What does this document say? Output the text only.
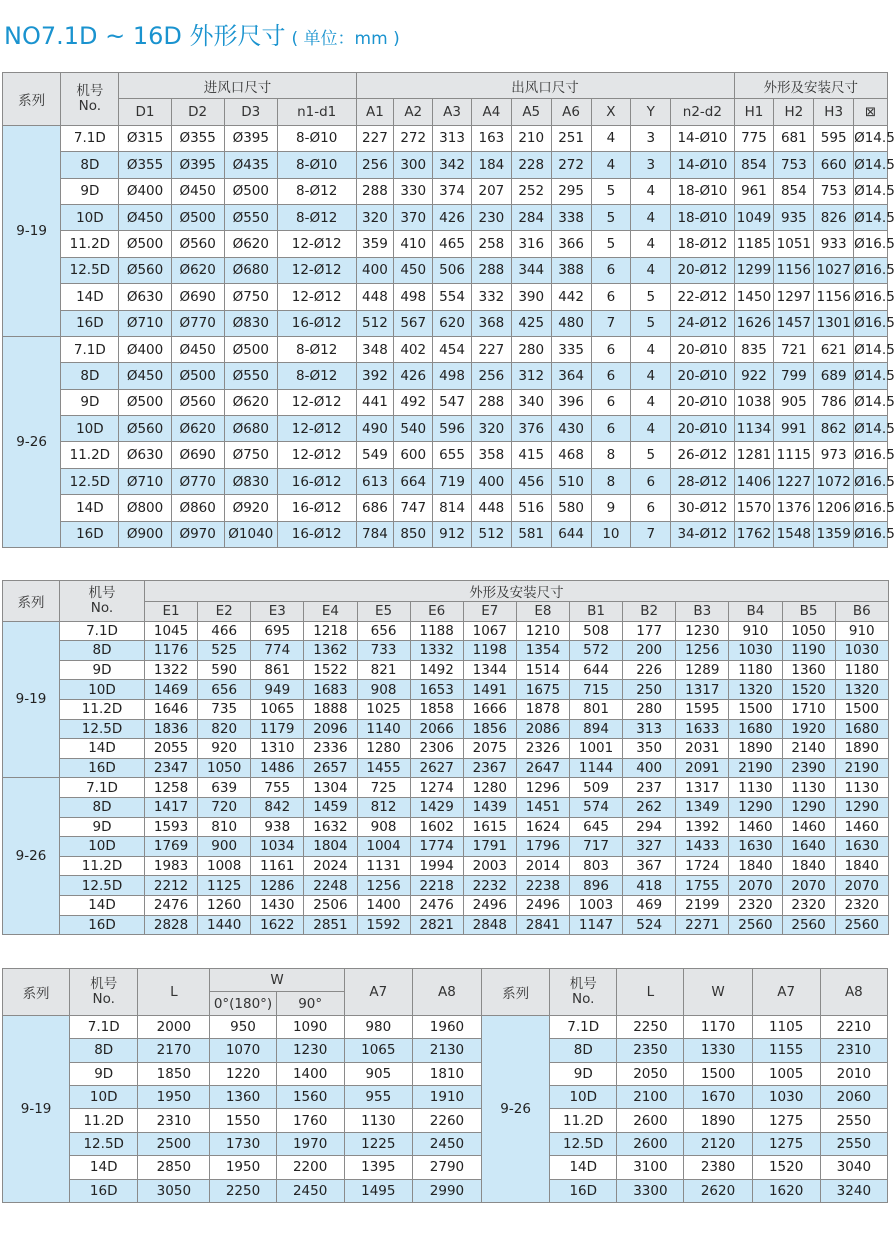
NO7.1D ~ 16D 外形尺寸 ( 单位：mm )
系列	机号
No.	进风口尺寸				出风口尺寸									外形及安装尺寸			
		D1	D2	D3	n1-d1	A1	A2	A3	A4	A5	A6	X	Y	n2-d2	H1	H2	H3	⊠
9-19	7.1D	Ø315	Ø355	Ø395	8-Ø10	227	272	313	163	210	251	4	3	14-Ø10	775	681	595	Ø14.5
	8D	Ø355	Ø395	Ø435	8-Ø10	256	300	342	184	228	272	4	3	14-Ø10	854	753	660	Ø14.5
	9D	Ø400	Ø450	Ø500	8-Ø12	288	330	374	207	252	295	5	4	18-Ø10	961	854	753	Ø14.5
	10D	Ø450	Ø500	Ø550	8-Ø12	320	370	426	230	284	338	5	4	18-Ø10	1049	935	826	Ø14.5
	11.2D	Ø500	Ø560	Ø620	12-Ø12	359	410	465	258	316	366	5	4	18-Ø12	1185	1051	933	Ø16.5
	12.5D	Ø560	Ø620	Ø680	12-Ø12	400	450	506	288	344	388	6	4	20-Ø12	1299	1156	1027	Ø16.5
	14D	Ø630	Ø690	Ø750	12-Ø12	448	498	554	332	390	442	6	5	22-Ø12	1450	1297	1156	Ø16.5
	16D	Ø710	Ø770	Ø830	16-Ø12	512	567	620	368	425	480	7	5	24-Ø12	1626	1457	1301	Ø16.5
9-26	7.1D	Ø400	Ø450	Ø500	8-Ø12	348	402	454	227	280	335	6	4	20-Ø10	835	721	621	Ø14.5
	8D	Ø450	Ø500	Ø550	8-Ø12	392	426	498	256	312	364	6	4	20-Ø10	922	799	689	Ø14.5
	9D	Ø500	Ø560	Ø620	12-Ø12	441	492	547	288	340	396	6	4	20-Ø10	1038	905	786	Ø14.5
	10D	Ø560	Ø620	Ø680	12-Ø12	490	540	596	320	376	430	6	4	20-Ø10	1134	991	862	Ø14.5
	11.2D	Ø630	Ø690	Ø750	12-Ø12	549	600	655	358	415	468	8	5	26-Ø12	1281	1115	973	Ø16.5
	12.5D	Ø710	Ø770	Ø830	16-Ø12	613	664	719	400	456	510	8	6	28-Ø12	1406	1227	1072	Ø16.5
	14D	Ø800	Ø860	Ø920	16-Ø12	686	747	814	448	516	580	9	6	30-Ø12	1570	1376	1206	Ø16.5
	16D	Ø900	Ø970	Ø1040	16-Ø12	784	850	912	512	581	644	10	7	34-Ø12	1762	1548	1359	Ø16.5
系列	机号
No.	外形及安装尺寸													
		E1	E2	E3	E4	E5	E6	E7	E8	B1	B2	B3	B4	B5	B6
9-19	7.1D	1045	466	695	1218	656	1188	1067	1210	508	177	1230	910	1050	910
	8D	1176	525	774	1362	733	1332	1198	1354	572	200	1256	1030	1190	1030
	9D	1322	590	861	1522	821	1492	1344	1514	644	226	1289	1180	1360	1180
	10D	1469	656	949	1683	908	1653	1491	1675	715	250	1317	1320	1520	1320
	11.2D	1646	735	1065	1888	1025	1858	1666	1878	801	280	1595	1500	1710	1500
	12.5D	1836	820	1179	2096	1140	2066	1856	2086	894	313	1633	1680	1920	1680
	14D	2055	920	1310	2336	1280	2306	2075	2326	1001	350	2031	1890	2140	1890
	16D	2347	1050	1486	2657	1455	2627	2367	2647	1144	400	2091	2190	2390	2190
9-26	7.1D	1258	639	755	1304	725	1274	1280	1296	509	237	1317	1130	1130	1130
	8D	1417	720	842	1459	812	1429	1439	1451	574	262	1349	1290	1290	1290
	9D	1593	810	938	1632	908	1602	1615	1624	645	294	1392	1460	1460	1460
	10D	1769	900	1034	1804	1004	1774	1791	1796	717	327	1433	1630	1640	1630
	11.2D	1983	1008	1161	2024	1131	1994	2003	2014	803	367	1724	1840	1840	1840
	12.5D	2212	1125	1286	2248	1256	2218	2232	2238	896	418	1755	2070	2070	2070
	14D	2476	1260	1430	2506	1400	2476	2496	2496	1003	469	2199	2320	2320	2320
	16D	2828	1440	1622	2851	1592	2821	2848	2841	1147	524	2271	2560	2560	2560
系列	机号
No.	L	W		A7	A8	系列	机号
No.	L	W	A7	A8
			0°(180°)	90°								
9-19	7.1D	2000	950	1090	980	1960	9-26	7.1D	2250	1170	1105	2210
	8D	2170	1070	1230	1065	2130		8D	2350	1330	1155	2310
	9D	1850	1220	1400	905	1810		9D	2050	1500	1005	2010
	10D	1950	1360	1560	955	1910		10D	2100	1670	1030	2060
	11.2D	2310	1550	1760	1130	2260		11.2D	2600	1890	1275	2550
	12.5D	2500	1730	1970	1225	2450		12.5D	2600	2120	1275	2550
	14D	2850	1950	2200	1395	2790		14D	3100	2380	1520	3040
	16D	3050	2250	2450	1495	2990		16D	3300	2620	1620	3240
